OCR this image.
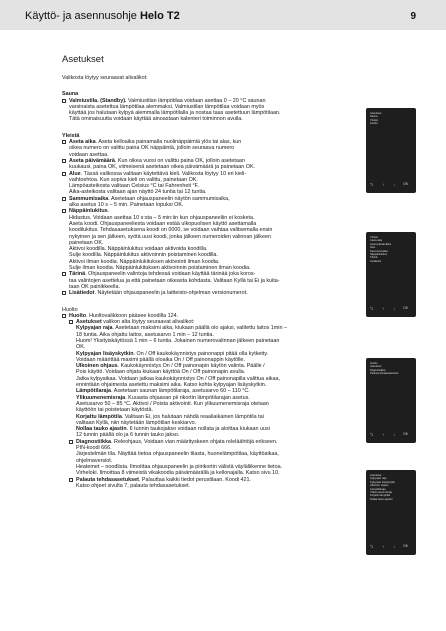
Käyttö- ja asennusohje Helo T2	9
Asetukset
Valikosta löytyy seuraavat alivalikot:
Sauna
Valmiustila. (Standby). Valmiustilan lämpötilaa voidaan asettaa 0 – 20 °C saunan
varsinaista asetettua lämpötilaa alemmaksi. Valmiustilan lämpötilaa voidaan myös
käyttää jos halutaan kylpyä alemmalla lämpötilalla ja nostaa taas asetettuun lämpötilaan.
Tätä ominaisuutta voidaan käyttää ainoastaan kalenteri toiminnon avulla.
Yleistä
Aseta aika. Aseta kelloaika painamalla nuolinäppäimiä ylös tai alas, kun
oikea numero on valittu paina OK näppäintä, jolloin seuraava numero
voidaan asettaa.
Aseta päivämäärä. Kun oikea vuosi on valittu paina OK, jolloin asetetaan
kuukausi, paina OK, viimeisenä asetetaan oikea päivämäärä ja painetaan OK.
Alue. Tässä valikossa valitaan käytettävä kieli. Valikosta löytyy 10 eri kieli-
vaihtoehtoa. Kun sopiva kieli on valittu, painetaan OK.
Lämpöasteikosta valitaan Celsius °C tai Fahrenheit °F.
Aika-asteikosta valitaan ajan näyttö 24 tuntia tai 12 tuntia.
Sammumisaika. Asetetaan ohjauspaneelin näytön sammumisaika,
alka asetus 10 s – 5 min. Painetaan lopuksi OK.
Näppäinlukitus.
Hidastus. Voidaan asettaa 10 s:sta – 5 min:iin kun ohjauspaneeliin ei kosketa.
Aseta koodi. Ohjauspaneeliesta voidaan estää ulkopuolisen käyttö asettamalla
koodilukitus. Tehdasasetuksena koodi on 0000, se voidaan vaihtaa valitsemalla ensin
nykyinen ja sen jälkeen, syötä uusi koodi, jonka jälkeen numeroiden valinnan jälkeen
painetaan OK.
Aktivoi koodilla. Näppäinlukitus voidaan aktivoida koodilla.
Sulje koodilla. Näppäinlukitus aktivoinnin poistaminen koodilla.
Aktivoi ilman koodia. Näppäinlukituksen aktivointi ilman koodia.
Sulje ilman koodia. Näppäinlukituksen aktivoinnin poistaminen ilman koodia.
Tärinä. Ohjauspaneelin valintoja tehdessä voidaan käyttää tärinää joka koros-
taa valintojen asettelua ja että painetaan oikeasta kohdasta. Valitaan Kyllä tai Ei ja kuita-
taan OK painikkeella.
Lisätiedot. Näytetään ohjauspaneelin ja laitteisto-ohjelman versionumerot.
Huolto
Huolto. Huoltovalikkoon pääsee koodilla 124.
Asetukset valikon alta löytyy seuraavat alivalikot:
Kylpyajan raja. Asetetaan maksimi aika, kiukaan päällä olo ajaksi, valitettu laitos 1min –
18 tuntia. Aika ohjattu laitos, asetusarvo 1 min – 12 tuntia.
Huom! Yksityiskäytössä 1 min – 6 tuntia. Jokainen numerovalinnan jälkeen painetaan
OK.
Kylpyajan lisäyskytkin. On / Off kaukokäynnistys painonappi pitää olla kytketty.
Voidaan määrittää maximi päällä oloaika On / Off painonappin käytölle.
Ulkoinen ohjaus. Kaukokäynnistys On / Off painonapin käytön valinta. Päälle /
Pois käyttö. Voidaan ohjata kiukaan käyttöä On / Off painonapin avulla.
Jatka kylpyaikaa. Voidaan jatkaa kaukokäynnistys On / Off painonapilla valittua aikaa,
ennintään ohjaimesta asetettu maksimi aika. Katso kohta kylpyajan lisäyskytkin.
Lämpötilaraja. Asetetaan saunan lämpötilaraja, asetusarvo 60 – 110 °C.
Ylikuumenemisraja. Kuuasta ohjaavan pii rikortin lämpötilarajan asetus.
Asetusarvo 50 – 85 °C. Aktivoi / Poista aktivointi. Kun ylikuumenemisraja otetaan
käyttöön tai poistetaan käytöstä.
Korjattu lämpötila. Valitaan Ei, jos halutaan nähdä reaaliaikainen lämpötila tai
valitaan Kyllä, niin näytetään lämpötilan keskiarvo.
Nollaa tauko ajastin. 6 tunnin taukojakso voidaan nollata ja aloittaa kiukaan uusi
12 tunnin päällä olo ja 6 tunnin tauko jakso.
Diagnostiikka. Releohjaus, Voidaan vian määrityskeen ohjata releläähtöjä erikseen.
PIN-koodi 666.
Järjestelmän tila. Näyttää tietoa ohjauspaneelin tilasta, huonelämpötilaa, käyttöaikaa,
ohjelmaversiot.
Heatemet – noodlista. Ilmoittaa ohjauspaneelin ja piirikortin välistä väyläliikenne tietoa.
Virheloki. Ilmoittaa 8 viimeistä vikakoodia päivämäärällä ja kellonajalla. Katso sivu 10.
Palauta tehdasasetukset. Palauttaa kaikki tiedot perustilaan. Koodi 421.
Katso ohjeet sivulta 7, palauta tehdasasetukset.
Asetukset
Sauna
Yleistä
Huolto
⮌ ↑ ↓ OK
Yleistä
Aseta aika
Aseta päivämäärä
Alue
Sammumisaika
Näppäinlukitus
Tärinä
Lisätiedot
⮌ ↑ ↓ OK
Huolto
Asetukset
Diagnostiikka
Palauta tehdasasetukset
⮌ ↑ ↓ OK
Asetukset
Kylpyajan raja
Kylpyajan lisäyskytkin
Ulkoinen ohjaus
Lämpötilaraja
Ylikuumenemisraja
Korjattu lämpötila
Nollaa tauko ajastin
⮌ ↑ ↓ OK
